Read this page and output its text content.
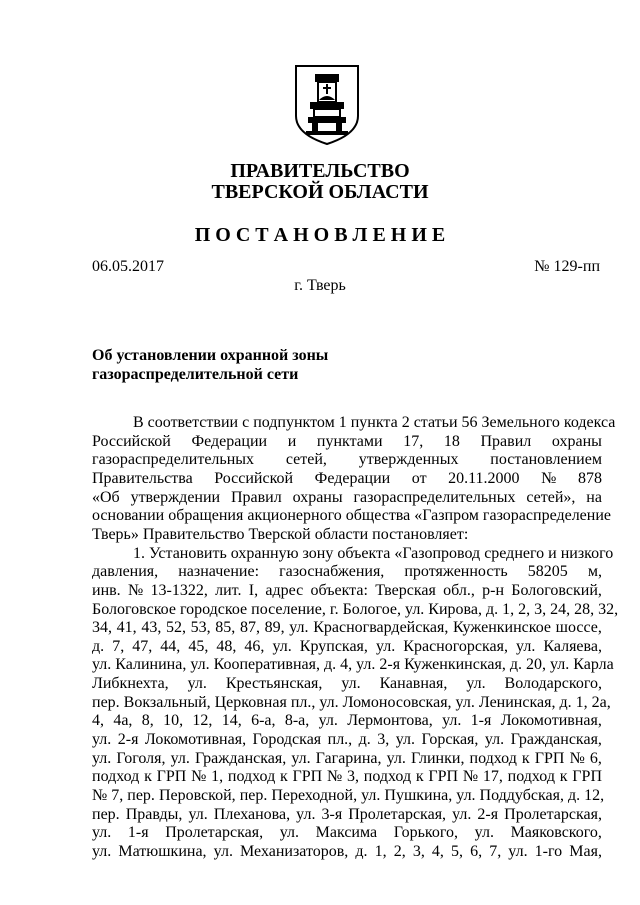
ПРАВИТЕЛЬСТВО
ТВЕРСКОЙ ОБЛАСТИ
П О С Т А Н О В Л Е Н И Е
06.05.2017	№ 129-пп
г. Тверь
Об установлении охранной зоны
газораспределительной сети
В соответствии с подпунктом 1 пункта 2 статьи 56 Земельного кодекса
Российской Федерации и пунктами 17, 18 Правил охраны
газораспределительных сетей, утвержденных постановлением
Правительства Российской Федерации от 20.11.2000 № 878
«Об утверждении Правил охраны газораспределительных сетей», на
основании обращения акционерного общества «Газпром газораспределение
Тверь» Правительство Тверской области постановляет:
1. Установить охранную зону объекта «Газопровод среднего и низкого
давления, назначение: газоснабжения, протяженность 58205 м,
инв. № 13-1322, лит. I, адрес объекта: Тверская обл., р-н Бологовский,
Бологовское городское поселение, г. Бологое, ул. Кирова, д. 1, 2, 3, 24, 28, 32,
34, 41, 43, 52, 53, 85, 87, 89, ул. Красногвардейская, Куженкинское шоссе,
д. 7, 47, 44, 45, 48, 46, ул. Крупская, ул. Красногорская, ул. Каляева,
ул. Калинина, ул. Кооперативная, д. 4, ул. 2-я Куженкинская, д. 20, ул. Карла
Либкнехта, ул. Крестьянская, ул. Канавная, ул. Володарского,
пер. Вокзальный, Церковная пл., ул. Ломоносовская, ул. Ленинская, д. 1, 2а,
4, 4а, 8, 10, 12, 14, 6-а, 8-а, ул. Лермонтова, ул. 1-я Локомотивная,
ул. 2-я Локомотивная, Городская пл., д. 3, ул. Горская, ул. Гражданская,
ул. Гоголя, ул. Гражданская, ул. Гагарина, ул. Глинки, подход к ГРП № 6,
подход к ГРП № 1, подход к ГРП № 3, подход к ГРП № 17, подход к ГРП
№ 7, пер. Перовской, пер. Переходной, ул. Пушкина, ул. Поддубская, д. 12,
пер. Правды, ул. Плеханова, ул. 3-я Пролетарская, ул. 2-я Пролетарская,
ул. 1-я Пролетарская, ул. Максима Горького, ул. Маяковского,
ул. Матюшкина, ул. Механизаторов, д. 1, 2, 3, 4, 5, 6, 7, ул. 1-го Мая,
